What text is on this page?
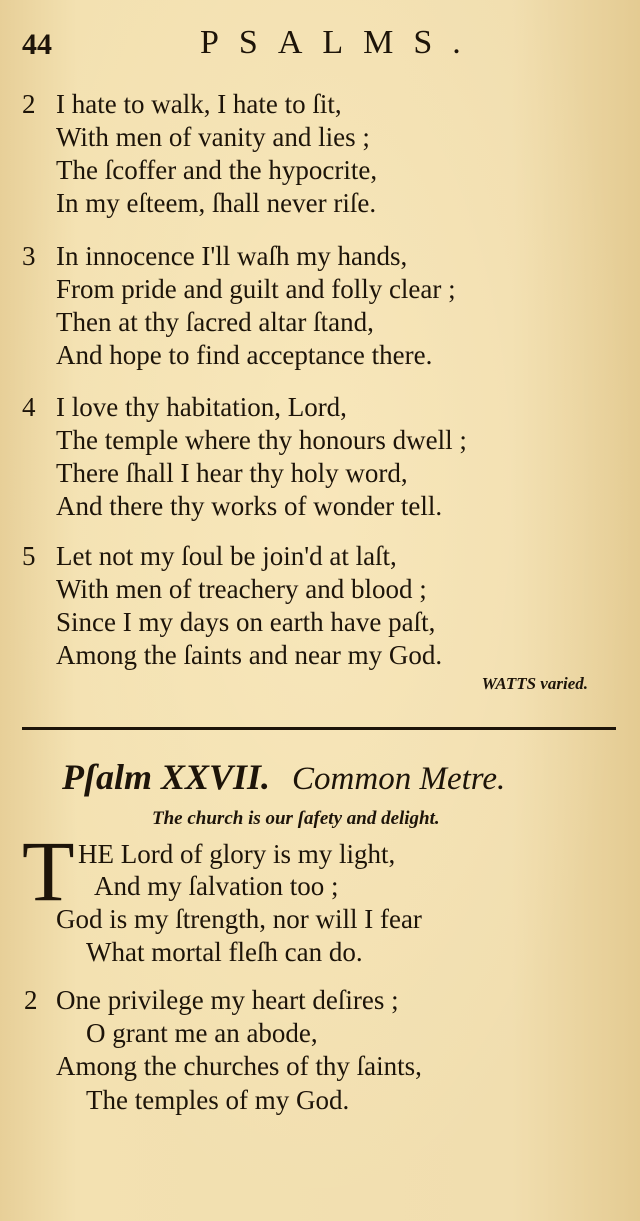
44	PSALMS.
2 I hate to walk, I hate to ſit,
With men of vanity and lies ;
The ſcoffer and the hypocrite,
In my eſteem, ſhall never riſe.
3 In innocence I'll waſh my hands,
From pride and guilt and folly clear ;
Then at thy ſacred altar ſtand,
And hope to find acceptance there.
4 I love thy habitation, Lord,
The temple where thy honours dwell ;
There ſhall I hear thy holy word,
And there thy works of wonder tell.
5 Let not my ſoul be join'd at laſt,
With men of treachery and blood ;
Since I my days on earth have paſt,
Among the ſaints and near my God.
WATTS varied.
Pſalm XXVII. Common Metre.
The church is our ſafety and delight.
T HE Lord of glory is my light,
And my ſalvation too ;
God is my ſtrength, nor will I fear
What mortal fleſh can do.
2 One privilege my heart deſires ;
O grant me an abode,
Among the churches of thy ſaints,
The temples of my God.
